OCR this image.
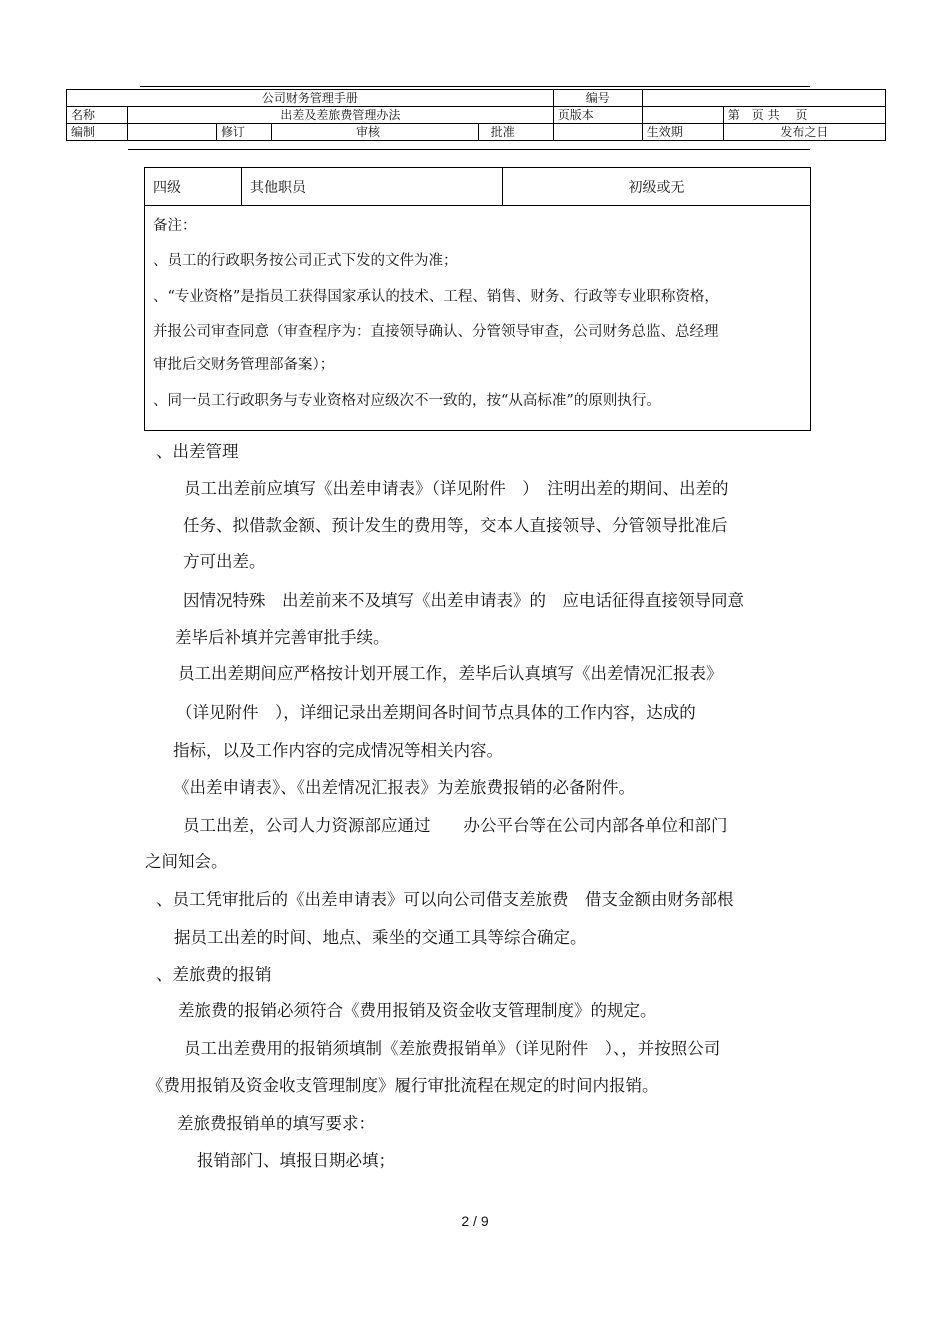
公司财务管理手册					编号		
名称	出差及差旅费管理办法				页版本		第　页 共　 页
编制		修订	审核	批准		生效期	发布之日
四级	其他职员	初级或无

备注：

、员工的行政职务按公司正式下发的文件为准；

、“专业资格”是指员工获得国家承认的技术、工程、销售、财务、行政等专业职称资格，

并报公司审查同意（审查程序为：直接领导确认、分管领导审查，公司财务总监、总经理

审批后交财务管理部备案）；

、同一员工行政职务与专业资格对应级次不一致的，按“从高标准”的原则执行。

、出差管理
员工出差前应填写《出差申请表》（详见附件　）　注明出差的期间、出差的
任务、拟借款金额、预计发生的费用等，交本人直接领导、分管领导批准后
方可出差。
因情况特殊　出差前来不及填写《出差申请表》的　应电话征得直接领导同意
差毕后补填并完善审批手续。
员工出差期间应严格按计划开展工作，差毕后认真填写《出差情况汇报表》
（详见附件　），详细记录出差期间各时间节点具体的工作内容，达成的
指标，以及工作内容的完成情况等相关内容。
《出差申请表》、《出差情况汇报表》为差旅费报销的必备附件。
员工出差，公司人力资源部应通过　　办公平台等在公司内部各单位和部门
之间知会。
、员工凭审批后的《出差申请表》可以向公司借支差旅费　借支金额由财务部根
据员工出差的时间、地点、乘坐的交通工具等综合确定。
、差旅费的报销
差旅费的报销必须符合《费用报销及资金收支管理制度》的规定。
员工出差费用的报销须填制《差旅费报销单》（详见附件　）、，并按照公司
《费用报销及资金收支管理制度》履行审批流程在规定的时间内报销。
差旅费报销单的填写要求：
报销部门、填报日期必填；
2 / 9
